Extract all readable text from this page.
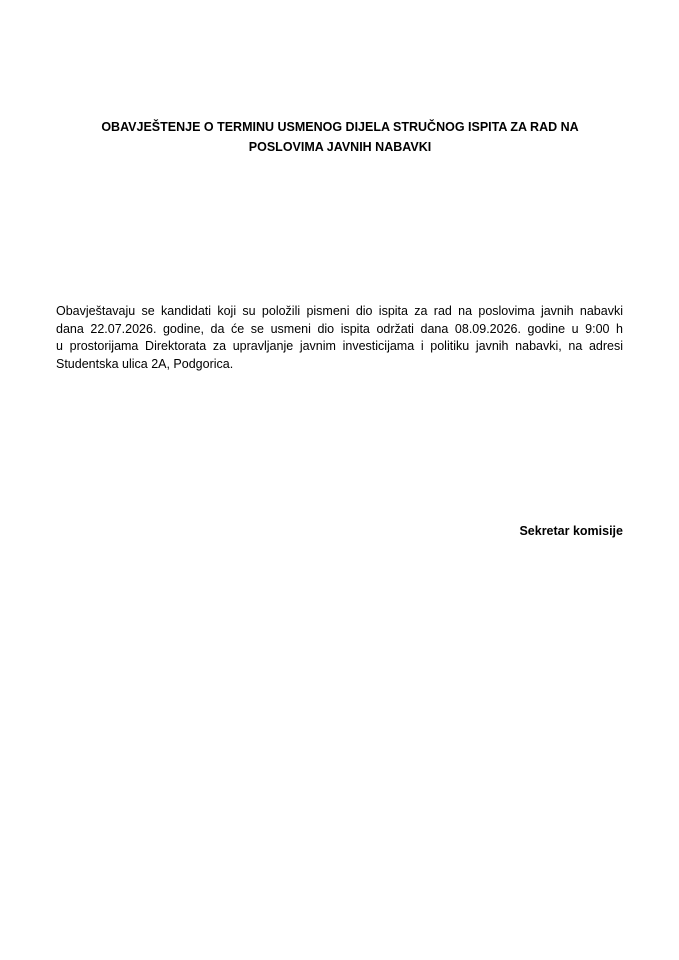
OBAVJEŠTENJE O TERMINU USMENOG DIJELA STRUČNOG ISPITA ZA RAD NA
POSLOVIMA JAVNIH NABAVKI

Obavještavaju se kandidati koji su položili pismeni dio ispita za rad na poslovima javnih nabavki
dana 22.07.2026. godine, da će se usmeni dio ispita održati dana 08.09.2026. godine u 9:00 h
u prostorijama Direktorata za upravljanje javnim investicijama i politiku javnih nabavki, na adresi
Studentska ulica 2A, Podgorica.

Sekretar komisije
